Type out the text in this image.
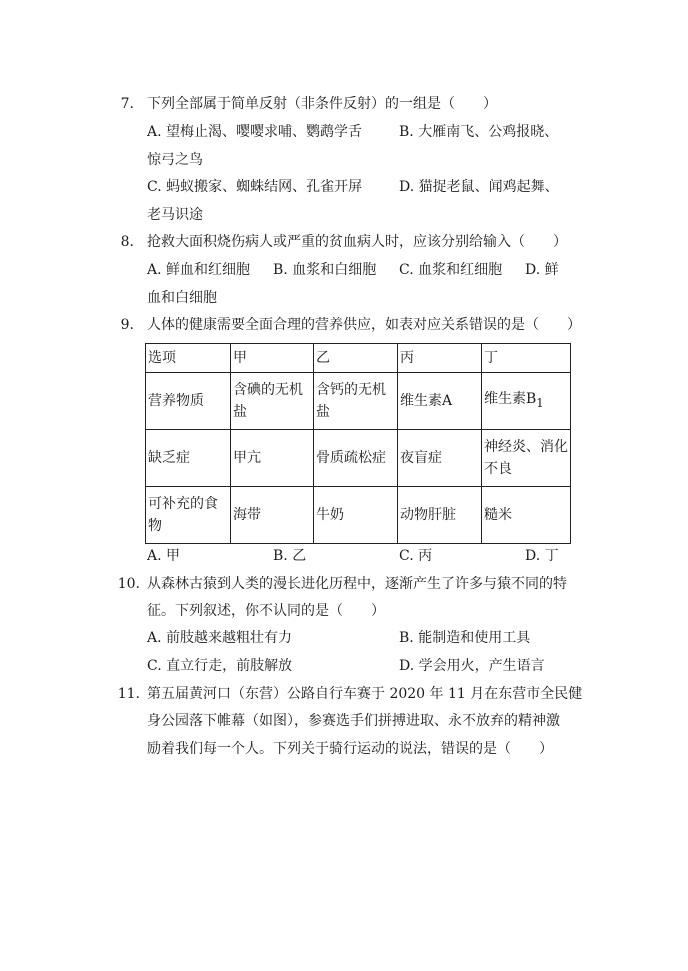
7. 下列全部属于简单反射（非条件反射）的一组是（　　）
A. 望梅止渴、嘤嘤求哺、鹦鹉学舌	B. 大雁南飞、公鸡报晓、
惊弓之鸟
C. 蚂蚁搬家、蜘蛛结网、孔雀开屏	D. 猫捉老鼠、闻鸡起舞、
老马识途
8. 抢救大面积烧伤病人或严重的贫血病人时，应该分别给输入（　　）
A. 鲜血和红细胞 B. 血浆和白细胞 C. 血浆和红细胞 D. 鲜
血和白细胞
9. 人体的健康需要全面合理的营养供应，如表对应关系错误的是（　　）
选项	甲	乙	丙	丁
营养物质	含碘的无机盐	含钙的无机盐	维生素A	维生素$B_1$
缺乏症	甲亢	骨质疏松症	夜盲症	神经炎、消化不良
可补充的食物	海带	牛奶	动物肝脏	糙米
A. 甲	B. 乙	C. 丙	D. 丁
10. 从森林古猿到人类的漫长进化历程中，逐渐产生了许多与猿不同的特
征。下列叙述，你不认同的是（　　）
A. 前肢越来越粗壮有力	B. 能制造和使用工具
C. 直立行走，前肢解放	D. 学会用火，产生语言
11. 第五届黄河口（东营）公路自行车赛于 2020 年 11 月在东营市全民健
身公园落下帷幕（如图），参赛选手们拼搏进取、永不放弃的精神激
励着我们每一个人。下列关于骑行运动的说法，错误的是（　　）
